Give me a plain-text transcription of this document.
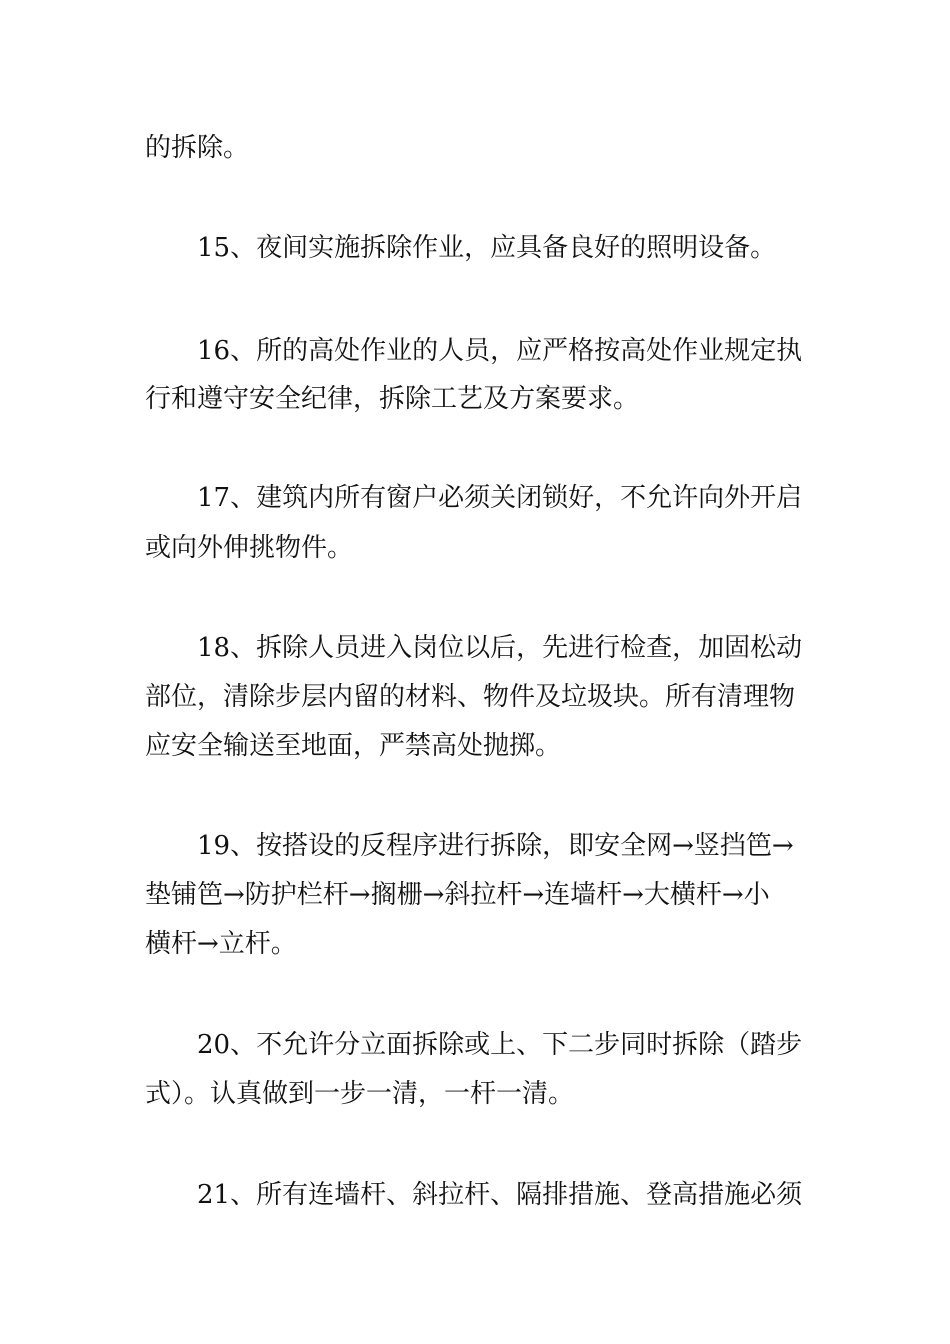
的拆除。
15、夜间实施拆除作业，应具备良好的照明设备。
16、所的高处作业的人员，应严格按高处作业规定执
行和遵守安全纪律，拆除工艺及方案要求。
17、建筑内所有窗户必须关闭锁好，不允许向外开启
或向外伸挑物件。
18、拆除人员进入岗位以后，先进行检查，加固松动
部位，清除步层内留的材料、物件及垃圾块。所有清理物
应安全输送至地面，严禁高处抛掷。
19、按搭设的反程序进行拆除，即安全网→竖挡笆→
垫铺笆→防护栏杆→搁栅→斜拉杆→连墙杆→大横杆→小
横杆→立杆。
20、不允许分立面拆除或上、下二步同时拆除（踏步
式）。认真做到一步一清，一杆一清。
21、所有连墙杆、斜拉杆、隔排措施、登高措施必须
